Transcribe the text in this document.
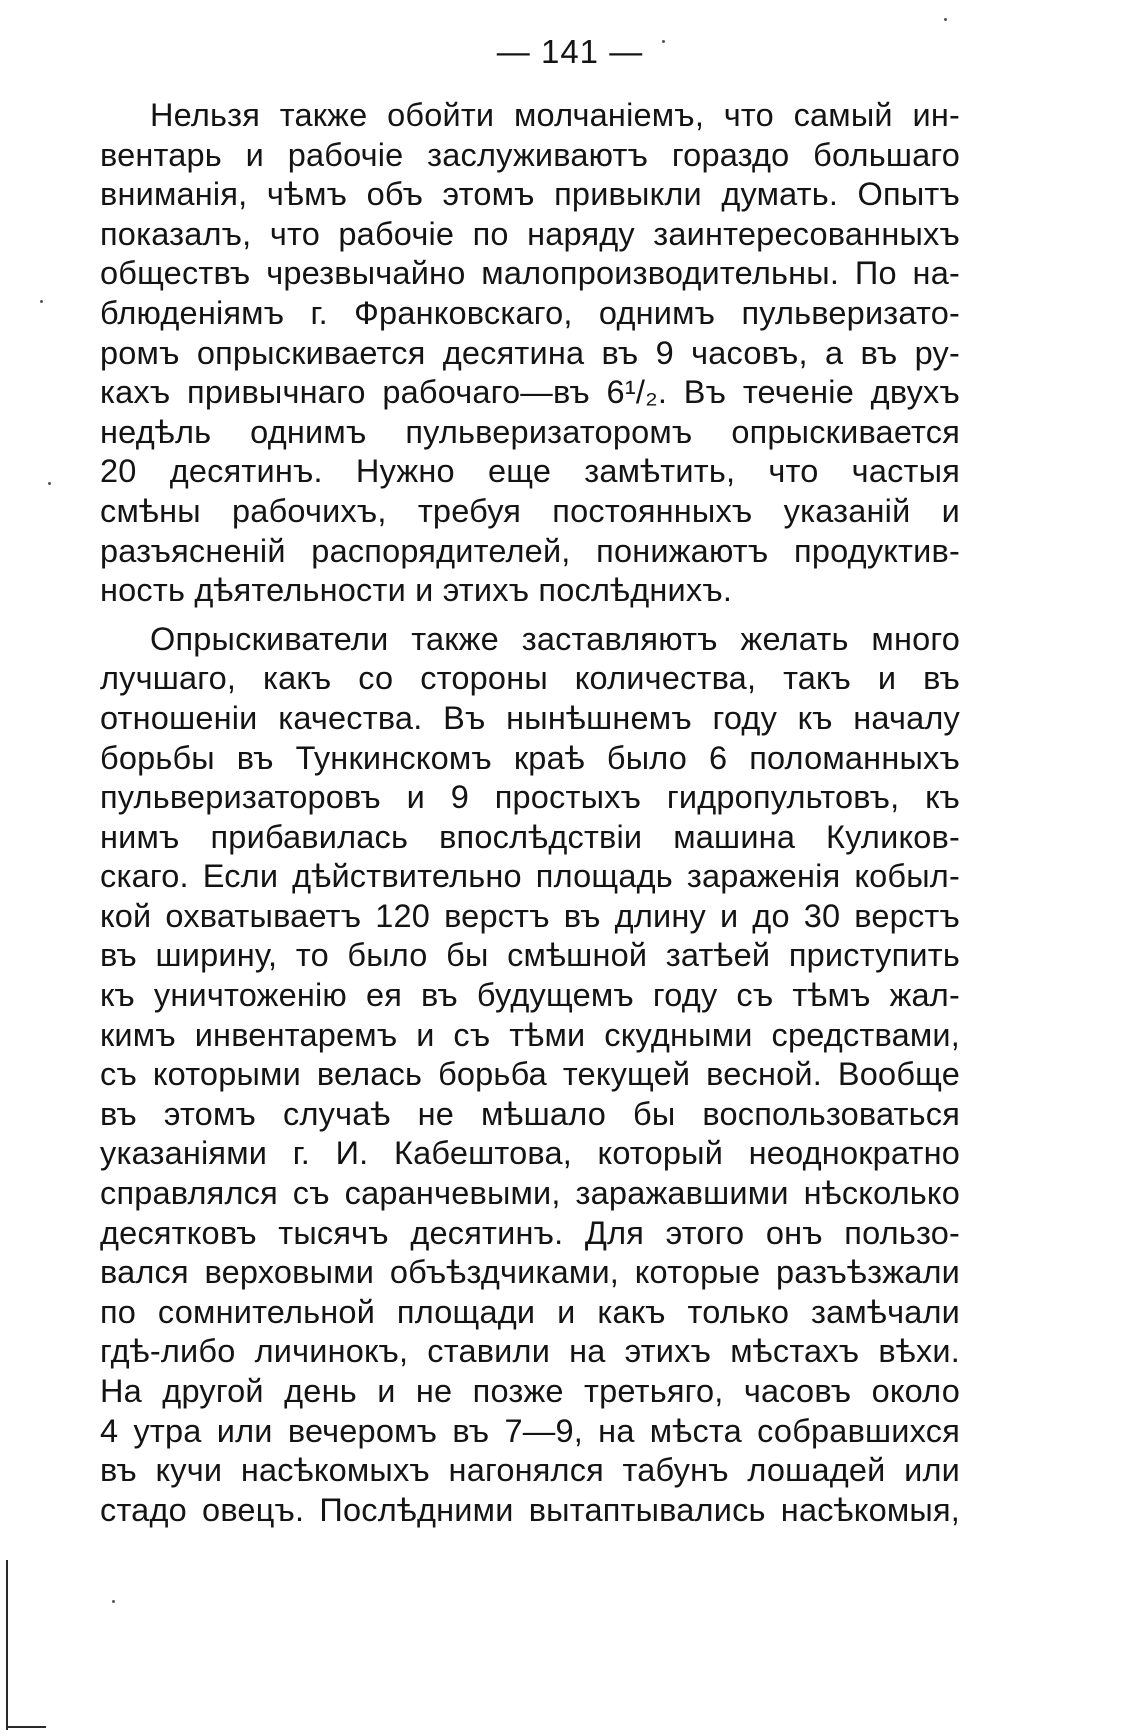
— 141 —
Нельзя также обойти молчаніемъ, что самый ин-
вентарь и рабочіе заслуживаютъ гораздо большаго
вниманія, чѣмъ объ этомъ привыкли думать. Опытъ
показалъ, что рабочіе по наряду заинтересованныхъ
обществъ чрезвычайно малопроизводительны. По на-
блюденіямъ г. Франковскаго, однимъ пульверизато-
ромъ опрыскивается десятина въ 9 часовъ, а въ ру-
кахъ привычнаго рабочаго—въ 6¹/₂. Въ теченіе двухъ
недѣль однимъ пульверизаторомъ опрыскивается
20 десятинъ. Нужно еще замѣтить, что частыя
смѣны рабочихъ, требуя постоянныхъ указаній и
разъясненій распорядителей, понижаютъ продуктив-
ность дѣятельности и этихъ послѣднихъ.
Опрыскиватели также заставляютъ желать много
лучшаго, какъ со стороны количества, такъ и въ
отношеніи качества. Въ нынѣшнемъ году къ началу
борьбы въ Тункинскомъ краѣ было 6 поломанныхъ
пульверизаторовъ и 9 простыхъ гидропультовъ, къ
нимъ прибавилась впослѣдствіи машина Куликов-
скаго. Если дѣйствительно площадь зараженія кобыл-
кой охватываетъ 120 верстъ въ длину и до 30 верстъ
въ ширину, то было бы смѣшной затѣей приступить
къ уничтоженію ея въ будущемъ году съ тѣмъ жал-
кимъ инвентаремъ и съ тѣми скудными средствами,
съ которыми велась борьба текущей весной. Вообще
въ этомъ случаѣ не мѣшало бы воспользоваться
указаніями г. И. Кабештова, который неоднократно
справлялся съ саранчевыми, заражавшими нѣсколько
десятковъ тысячъ десятинъ. Для этого онъ пользо-
вался верховыми объѣздчиками, которые разъѣзжали
по сомнительной площади и какъ только замѣчали
гдѣ-либо личинокъ, ставили на этихъ мѣстахъ вѣхи.
На другой день и не позже третьяго, часовъ около
4 утра или вечеромъ въ 7—9, на мѣста собравшихся
въ кучи насѣкомыхъ нагонялся табунъ лошадей или
стадо овецъ. Послѣдними вытаптывались насѣкомыя,
